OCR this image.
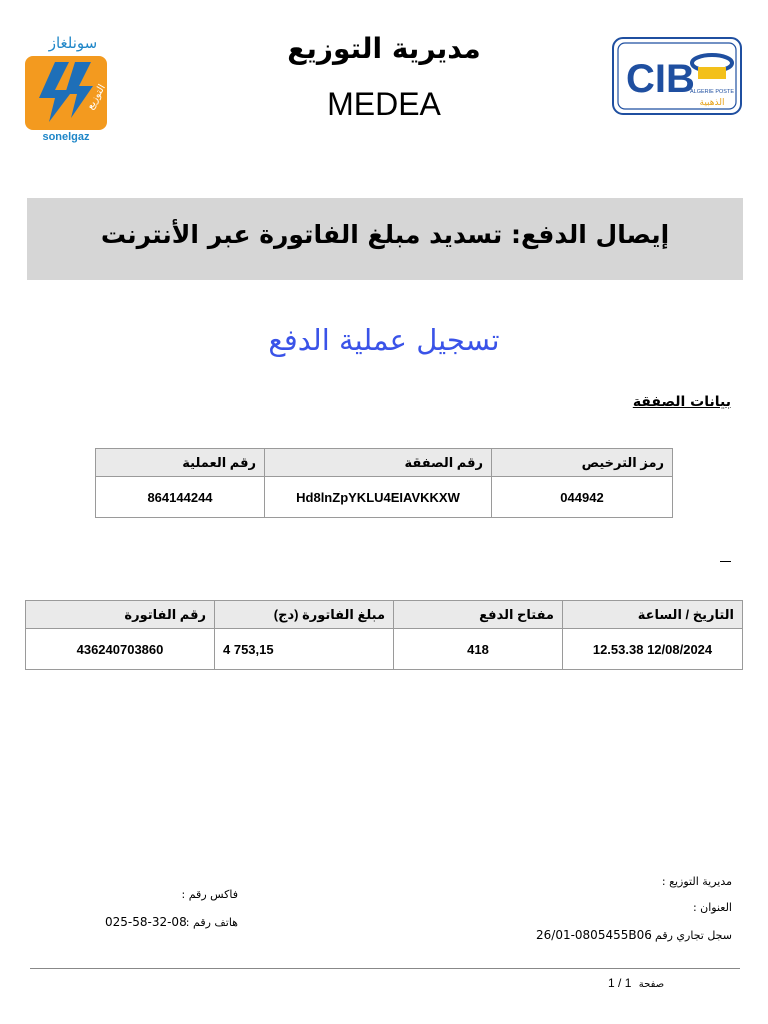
سونلغاز
التوزيع
sonelgaz
CIB
ALGERIE POSTE
الذهبية
مديرية التوزيع
MEDEA
إيصال الدفع: تسديد مبلغ الفاتورة عبر الأنترنت
تسجيل عملية الدفع
بيانات الصفقة
رمز الترخيص	رقم الصفقة	رقم العملية
044942	Hd8lnZpYKLU4EIAVKKXW	864144244
التاريخ / الساعة	مفتاح الدفع	مبلغ الفاتورة (دج)	رقم الفاتورة
12/08/2024 12.53.38	418	4 753,15	436240703860
مديرية التوزيع :
العنوان :
سجل تجاري رقم :
26/01-0805455B06
فاكس رقم :
هاتف رقم :
025-58-32-08
1 / 1 صفحة
